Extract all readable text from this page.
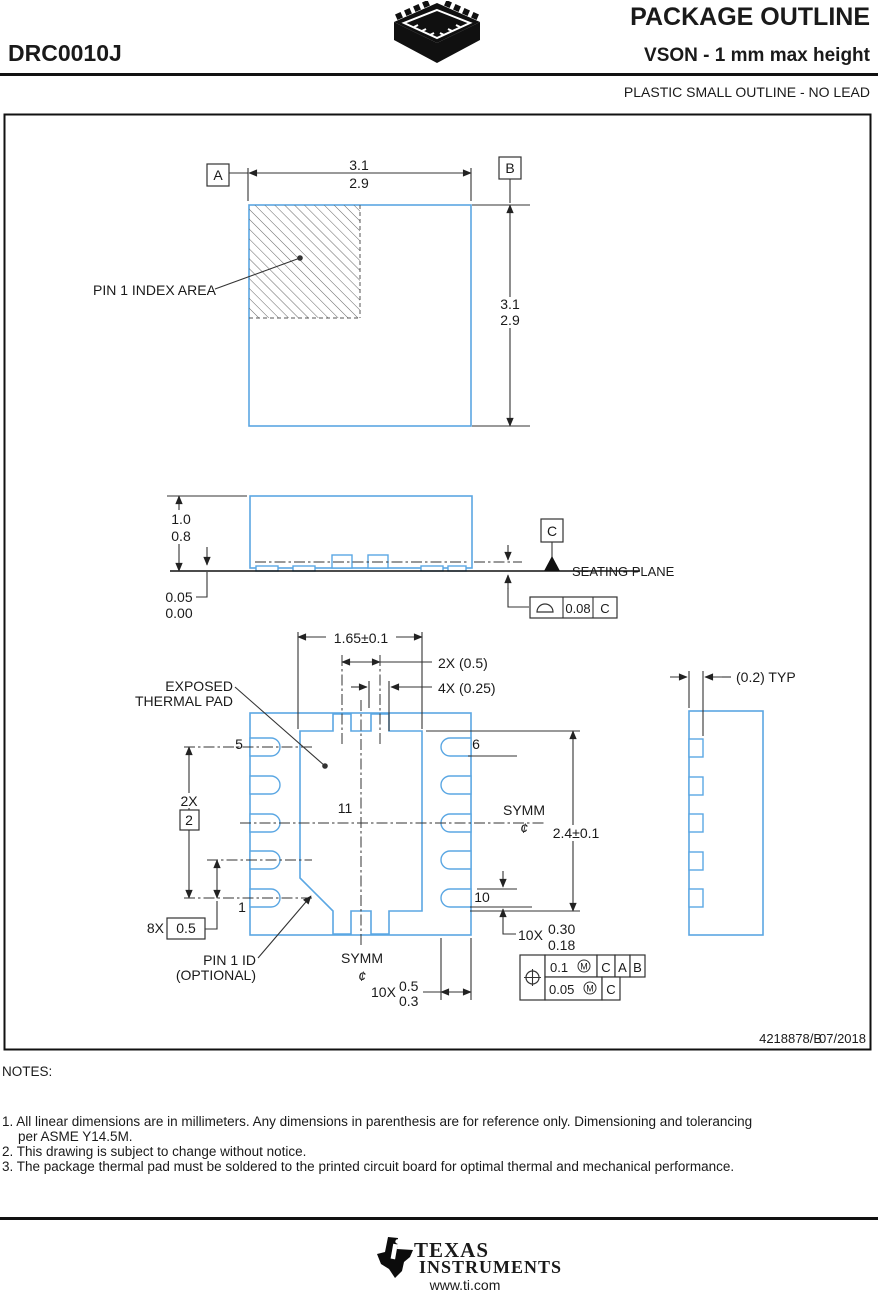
DRC0010J
PACKAGE OUTLINE
VSON - 1 mm max height
PLASTIC SMALL OUTLINE - NO LEAD
4218878/B
07/2018
3.1
2.9
A	B
3.1
2.9
PIN 1 INDEX AREA
1.0
0.8
0.05
0.00
C
SEATING PLANE
0.08 C
1.65±0.1
2X (0.5)
4X (0.25)
EXPOSED
THERMAL PAD
2.4±0.1
10X 0.30
0.18
2X
2
8X 0.5
5	6
1
10
11
SYMM
¢
SYMM
¢
10X 0.5
0.3
PIN 1 ID
(OPTIONAL)	0.1 M C A B
0.05 M C
(0.2) TYP
NOTES:
1. All linear dimensions are in millimeters. Any dimensions in parenthesis are for reference only. Dimensioning and tolerancing
per ASME Y14.5M.
2. This drawing is subject to change without notice.
3. The package thermal pad must be soldered to the printed circuit board for optimal thermal and mechanical performance.
TEXAS
INSTRUMENTS
www.ti.com
